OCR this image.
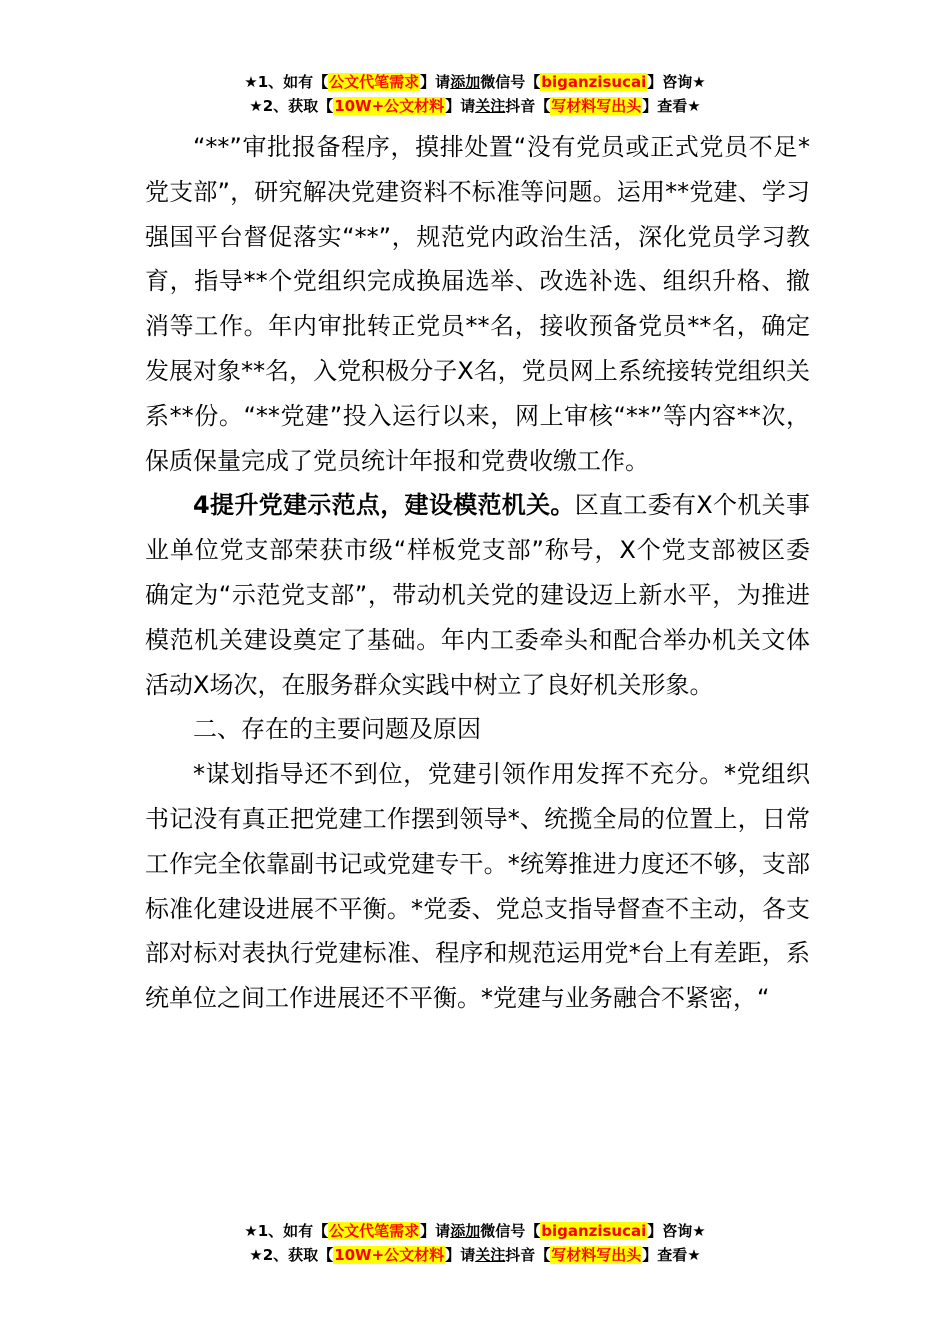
★1、如有【公文代笔需求】请添加微信号【biganzisucai】咨询★
★2、获取【10W+公文材料】请关注抖音【写材料写出头】查看★

“**”审批报备程序，摸排处置“没有党员或正式党员不足*党支部”，研究解决党建资料不标准等问题。运用**党建、学习强国平台督促落实“**”，规范党内政治生活，深化党员学习教育，指导**个党组织完成换届选举、改选补选、组织升格、撤消等工作。年内审批转正党员**名，接收预备党员**名，确定发展对象**名，入党积极分子X名，党员网上系统接转党组织关系**份。“**党建”投入运行以来，网上审核“**”等内容**次，保质保量完成了党员统计年报和党费收缴工作。

4提升党建示范点，建设模范机关。区直工委有X个机关事业单位党支部荣获市级“样板党支部”称号，X个党支部被区委确定为“示范党支部”，带动机关党的建设迈上新水平，为推进模范机关建设奠定了基础。年内工委牵头和配合举办机关文体活动X场次，在服务群众实践中树立了良好机关形象。

二、存在的主要问题及原因

*谋划指导还不到位，党建引领作用发挥不充分。*党组织书记没有真正把党建工作摆到领导*、统揽全局的位置上，日常工作完全依靠副书记或党建专干。*统筹推进力度还不够，支部标准化建设进展不平衡。*党委、党总支指导督查不主动，各支部对标对表执行党建标准、程序和规范运用党*台上有差距，系统单位之间工作进展还不平衡。*党建与业务融合不紧密，“

★1、如有【公文代笔需求】请添加微信号【biganzisucai】咨询★
★2、获取【10W+公文材料】请关注抖音【写材料写出头】查看★
